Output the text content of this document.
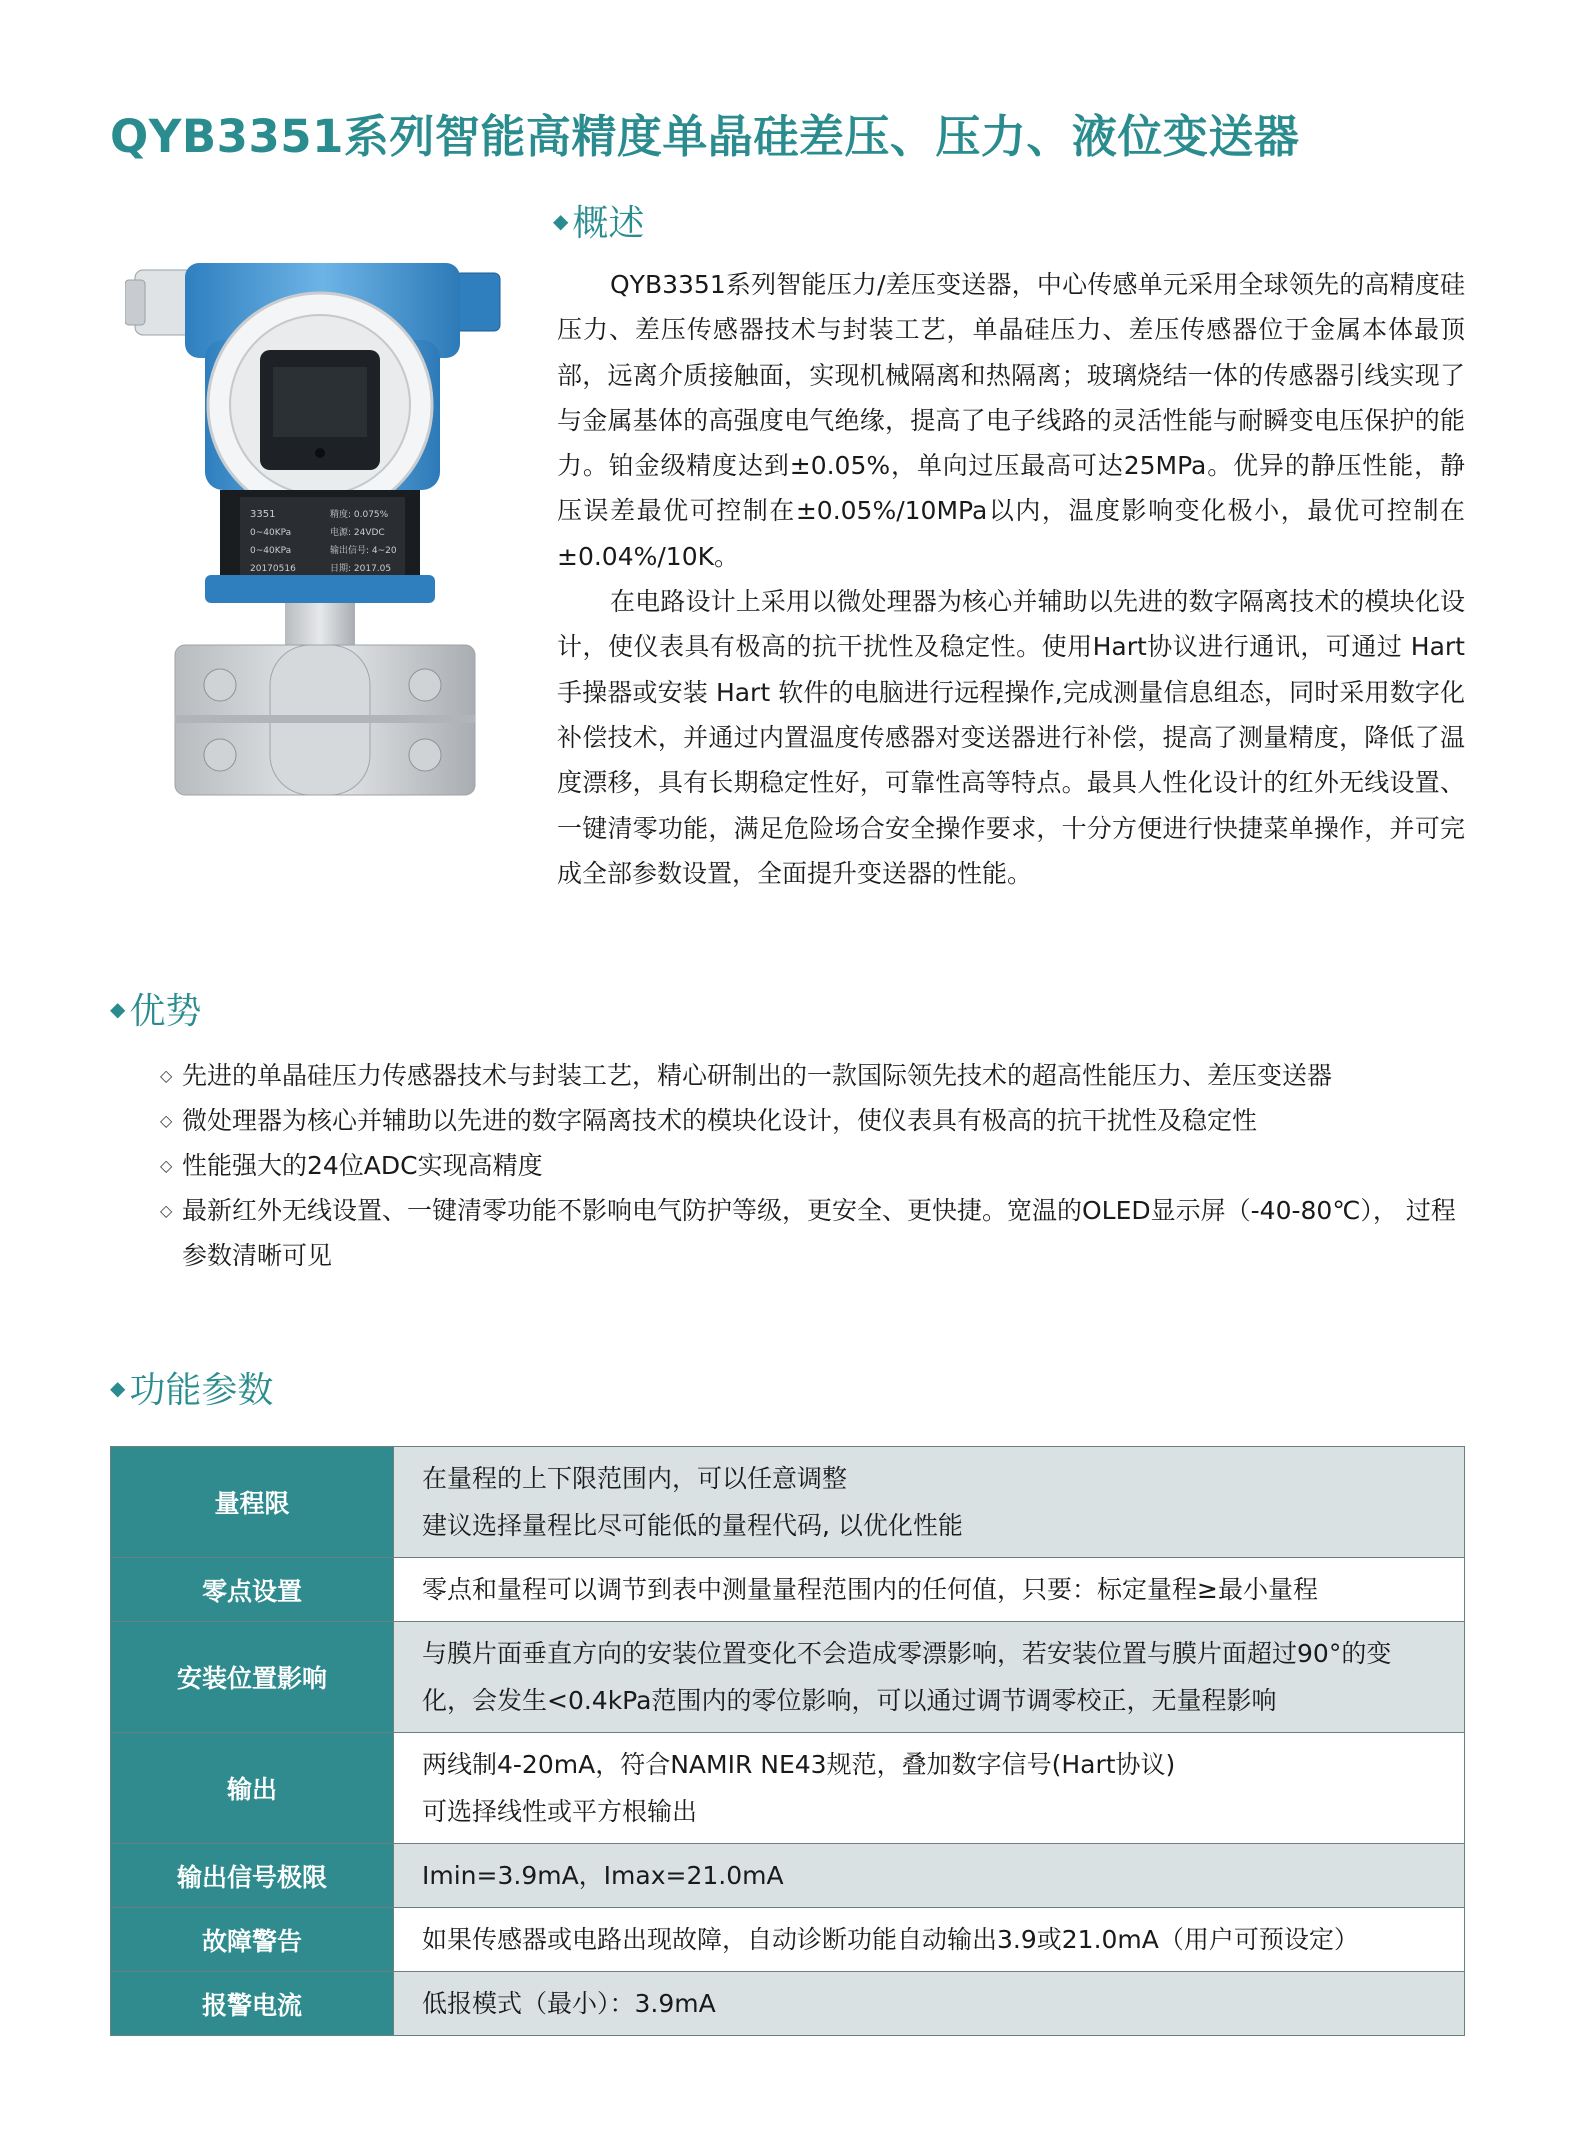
QYB3351系列智能高精度单晶硅差压、压力、液位变送器
◆ 概述
3351	精度: 0.075%
0~40KPa	电源: 24VDC
0~40KPa	输出信号: 4~20
20170516	日期: 2017.05

QYB3351系列智能压力/差压变送器，中心传感单元采用全球领先的高精度硅压力、差压传感器技术与封装工艺，单晶硅压力、差压传感器位于金属本体最顶部，远离介质接触面，实现机械隔离和热隔离；玻璃烧结一体的传感器引线实现了与金属基体的高强度电气绝缘，提高了电子线路的灵活性能与耐瞬变电压保护的能力。铂金级精度达到±0.05%，单向过压最高可达25MPa。优异的静压性能，静压误差最优可控制在±0.05%/10MPa以内，温度影响变化极小，最优可控制在±0.04%/10K。

在电路设计上采用以微处理器为核心并辅助以先进的数字隔离技术的模块化设计，使仪表具有极高的抗干扰性及稳定性。使用Hart协议进行通讯，可通过 Hart 手操器或安装 Hart 软件的电脑进行远程操作,完成测量信息组态，同时采用数字化补偿技术，并通过内置温度传感器对变送器进行补偿，提高了测量精度，降低了温度漂移，具有长期稳定性好，可靠性高等特点。最具人性化设计的红外无线设置、一键清零功能，满足危险场合安全操作要求，十分方便进行快捷菜单操作，并可完成全部参数设置，全面提升变送器的性能。

◆ 优势
◇ 先进的单晶硅压力传感器技术与封装工艺，精心研制出的一款国际领先技术的超高性能压力、差压变送器
◇ 微处理器为核心并辅助以先进的数字隔离技术的模块化设计，使仪表具有极高的抗干扰性及稳定性
◇ 性能强大的24位ADC实现高精度
◇ 最新红外无线设置、一键清零功能不影响电气防护等级，更安全、更快捷。宽温的OLED显示屏（-40-80℃）， 过程参数清晰可见
◆ 功能参数
量程限	在量程的上下限范围内，可以任意调整
建议选择量程比尽可能低的量程代码, 以优化性能

零点设置	零点和量程可以调节到表中测量量程范围内的任何值，只要：标定量程≥最小量程

安装位置影响	与膜片面垂直方向的安装位置变化不会造成零漂影响，若安装位置与膜片面超过90°的变化，会发生<0.4kPa范围内的零位影响，可以通过调节调零校正，无量程影响

输出	两线制4-20mA，符合NAMIR NE43规范，叠加数字信号(Hart协议)
可选择线性或平方根输出

输出信号极限	Imin=3.9mA，Imax=21.0mA

故障警告	如果传感器或电路出现故障，自动诊断功能自动输出3.9或21.0mA（用户可预设定）

报警电流	低报模式（最小）：3.9mA
